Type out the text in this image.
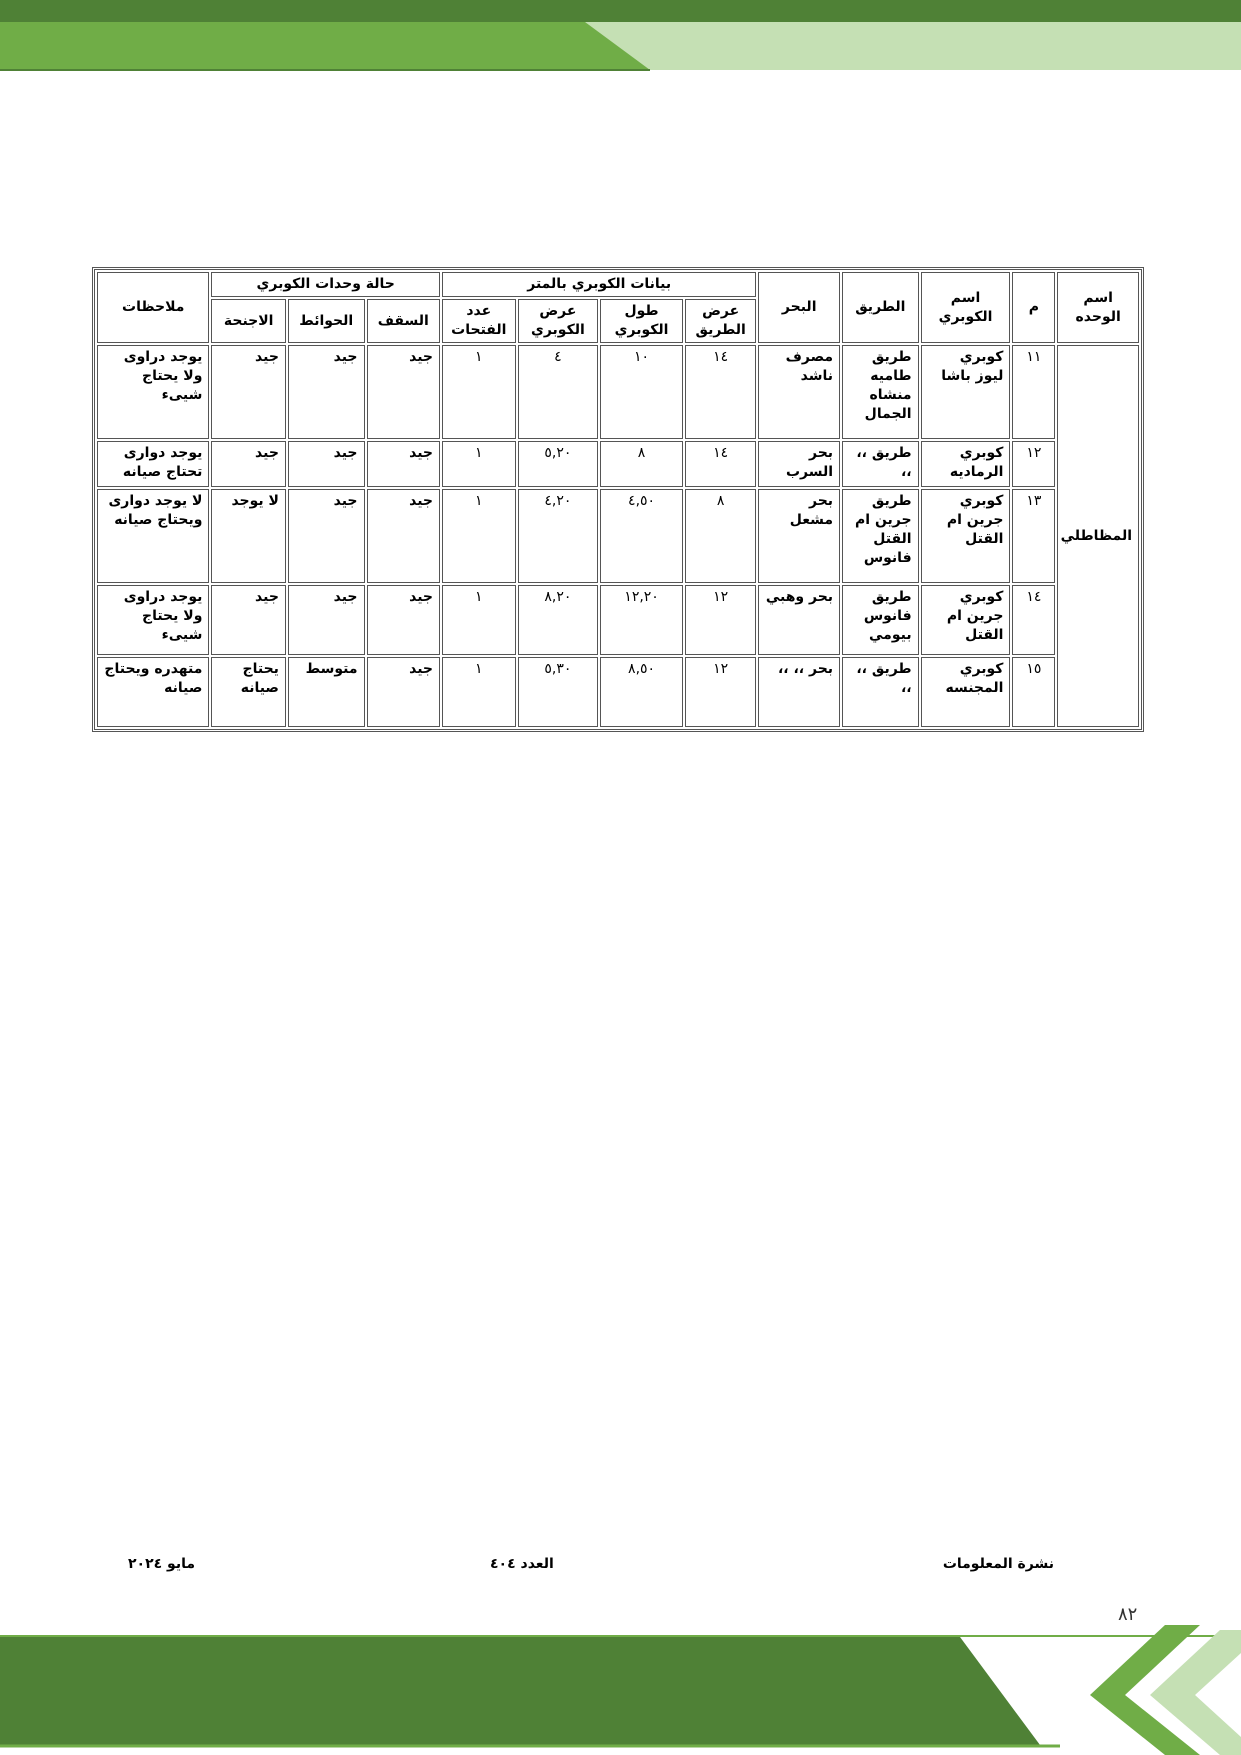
اسم الوحده	م	اسم الكوبري	الطريق	البحر	بيانات الكوبري بالمتر				حالة وحدات الكوبري			ملاحظات
					عرض الطريق	طول الكوبري	عرض الكوبري	عدد الفتحات	السقف	الحوائط	الاجنحة	
المظاطلي	١١	كوبري ليوز باشا	طريق طاميه منشاه الجمال	مصرف ناشد	١٤	١٠	٤	١	جيد	جيد	جيد	يوجد دراوى ولا يحتاج شيىء
	١٢	كوبري الرماديه	طريق ،، ،،	بحر السرب	١٤	٨	٥,٢٠	١	جيد	جيد	جيد	يوجد دوارى تحتاج صيانه
	١٣	كوبري جرين ام القتل	طريق جرين ام القتل فانوس	بحر مشعل	٨	٤,٥٠	٤,٢٠	١	جيد	جيد	لا يوجد	لا يوجد دوارى ويحتاج صيانه
	١٤	كوبري جرين ام القتل	طريق فانوس بيومي	بحر وهبي	١٢	١٢,٢٠	٨,٢٠	١	جيد	جيد	جيد	يوجد دراوى ولا يحتاج شيىء
	١٥	كوبري المجنسه	طريق ،، ،،	بحر ،، ،،	١٢	٨,٥٠	٥,٣٠	١	جيد	متوسط	يحتاج صيانه	متهدره ويحتاج صيانه
نشرة المعلومات
العدد ٤٠٤
مايو ٢٠٢٤
٨٢
